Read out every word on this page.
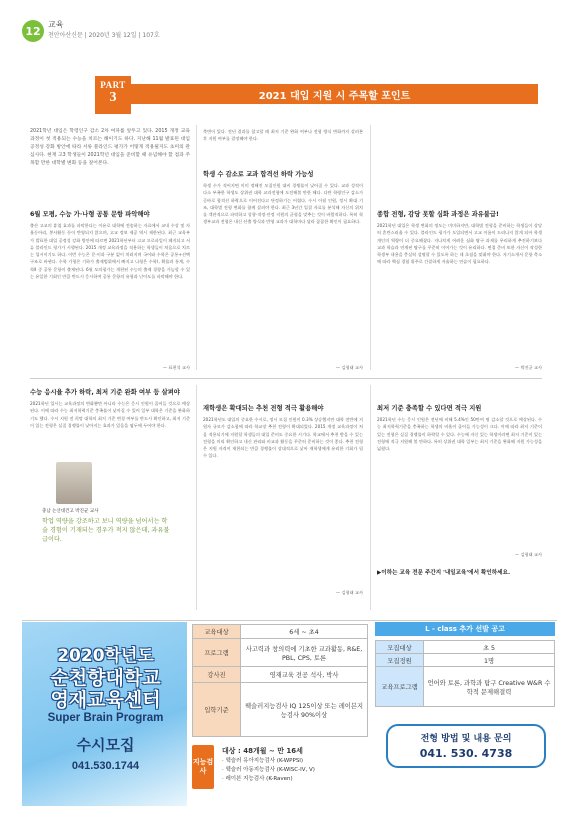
12 교육
천안아산신문 | 2020년 3월 12일 | 107호
PART
3	2021 대입 지원 시 주목할 포인트
2021학년 대입은 학령인구 감소 2차 여파를 앞두고 있다. 2015 개정 교육과정이 첫 적용되는 수능을 치르는 해이기도 하다. 지난해 11월 발표된 대입 공정성 강화 방안에 따라 서류 블라인드 평가가 어떻게 적용될지도 초미의 관심사다. 현재 고3 학생들이 2021학년 대입을 준비할 때 유념해야 할 점과 주목할 만한 대학별 변화 등을 짚어본다.
6월 모평, 수능 가·나형 공통 문항 파악해야
출산 고교의 휴업 효과를 파악한다는 이유로 대학에 전송하는 자료에서 교내 수상 및 자율동아리, 봉사활동 등이 반영되지 않으며, 고교 정보 제공 역시 제한된다. 최근 교육부가 발표한 대입 공정성 강화 방안에 따르면 2021학년부터 고교 프로파일이 폐지되고 서류 블라인드 평가가 시행된다. 2015 개정 교육과정을 적용하는 학생들이 처음으로 치르는 입시이기도 하다. 이번 수능은 문·이과 구분 없이 치러지며 국어와 수학은 공통+선택 구조로 바뀐다. 수학 가형은 기하가 출제범위에서 빠지고 나형은 수학Ⅰ, 확률과 통계, 수학Ⅱ 중 공통 문항이 출제된다. 6월 모의평가는 개편된 수능의 출제 경향을 가늠할 수 있는 유일한 기회인 만큼 반드시 응시하여 공통 문항의 유형과 난이도를 파악해야 한다.
— 표현석 교사
축변이 있다. 전년 결과를 참고할 때 최저 기준 완화 여부나 전형 방식 변화까지 살펴본 후 지원 여부를 결정해야 한다.
학생 수 감소로 교과 합격선 하락 가능성
학생 수가 적어지면 이미 정해진 모집인원 대비 경쟁률이 낮아질 수 있다. 교과 성적이 다소 부족한 학생도 상위권 대학 교과전형에 도전해볼 만한 해다. 다만 학령인구 감소가 곧바로 합격선 하락으로 이어진다고 단정하기는 어렵다. 수시 이월 인원, 정시 확대 기조, 대학별 전형 변화를 함께 살펴야 한다. 최근 3년간 입결 자료를 분석해 자신의 위치를 객관적으로 파악하고 상향·적정·안정 지원의 균형을 맞추는 것이 바람직하다. 특히 학생부교과 전형은 내신 산출 방식과 반영 교과가 대학마다 달라 꼼꼼한 확인이 필요하다.
— 김형태 교사
종합 전형, 감당 못할 심화 과정은 과유불급!
2021학년 대입은 학생 변화의 정도는 미미하지만, 대학별 전형을 준비하는 학생들이 상당히 혼란스러울 수 있다. 블라인드 평가가 도입되면서 고교 이름이 드러나지 않게 되어 학생 개인의 역량이 더 중요해졌다. 지나치게 어려운 심화 탐구 과제를 무리하게 추진하기보다 교과 학습과 연계된 탐구를 꾸준히 이어가는 것이 유리하다. 면접 준비 또한 자신이 작성한 학생부 내용을 충실히 설명할 수 있도록 하는 데 초점을 맞춰야 한다. 자기소개서 문항 축소에 따라 핵심 경험 위주로 간결하게 서술하는 연습이 필요하다.
— 박진균 교사
수능 응시율 추가 하락, 최저 기준 완화 여부 등 살펴야
2021학년 입시는 교육과정의 변화뿐만 아니라 수능은 응시 인원이 줄어들 것으로 예상된다. 이에 따라 수능 최저학력기준 충족률이 낮아질 수 있어 일부 대학은 기준을 완화하기도 했다. 수시 지원 전 희망 대학의 최저 기준 변경 여부를 반드시 확인하고, 최저 기준이 있는 전형은 실질 경쟁률이 낮아지는 효과가 있음을 염두에 두어야 한다.
충남 논산대건고 박진균 교사
학업 역량을 강조하고 보니 역량을 넘어서는 학술 경험이 기재되는 경우가 적지 않은데, 과유불급이다.
재학생은 확대되는 추천 전형 적극 활용해야
2021학년도 대입의 중요한 수시로, 정시 모집 인원이 0.3% 상승했지만 대학 전반에 지원자 규모가 감소함에 따라 학교장 추천 전형이 확대되었다. 2015 개정 교육과정이 처음 적용되기에 지원할 학생들의 대입 준비도 중요한 시기다. 학교에서 추천 받을 수 있는 전형을 미리 확인하고 내신 관리와 비교과 활동을 꾸준히 준비하는 것이 좋다. 추천 전형은 지원 자격이 제한되는 만큼 경쟁률이 상대적으로 낮아 재학생에게 유리한 기회가 될 수 있다.
— 김형태 교사
최저 기준 충족할 수 있다면 적극 지원
2021학년 수능 응시 인원은 전년에 비해 5.4%인 50만여 명 감소할 것으로 예상된다. 수능 최저학력기준을 충족하는 학생의 비율이 줄어들 가능성이 크다. 이에 따라 최저 기준이 있는 전형은 실질 경쟁률이 하락할 수 있다. 수능에 자신 있는 학생이라면 최저 기준이 있는 전형에 적극 지원해 볼 만하다. 특히 상위권 대학 일부는 최저 기준을 완화해 지원 가능성을 넓혔다.
— 김형태 교사
▶이하는 교육 전문 주간지 '내일교육'에서 확인하세요.
2020학년도
순천향대학교
영재교육센터
Super Brain Program
수시모집
041.530.1744
교육대상	6세 ~ 초4
프로그램	사고력과 창의력에 기초한 교과활동, R&E, PBL, CPS, 토론
강사진	영재교육 전공 석사, 박사
입학기준	웩슬러지능검사 IQ 125이상 또는 레이븐지능검사 90%이상
지능검사
대상 : 48개월 ~ 만 16세
· 웩슬러 유아지능검사 (K-WPPSI)
· 웩슬러 아동지능검사 (K-WISC-IV, V)
· 레이븐 지능검사 (K-Raven)
L - class 추가 선발 공고
모집대상	초 5
모집정원	1명
교육프로그램	언어와 토론, 과학과 탐구 Creative W&R 수학적 문제해결력
전형 방법 및 내용 문의
041. 530. 4738
